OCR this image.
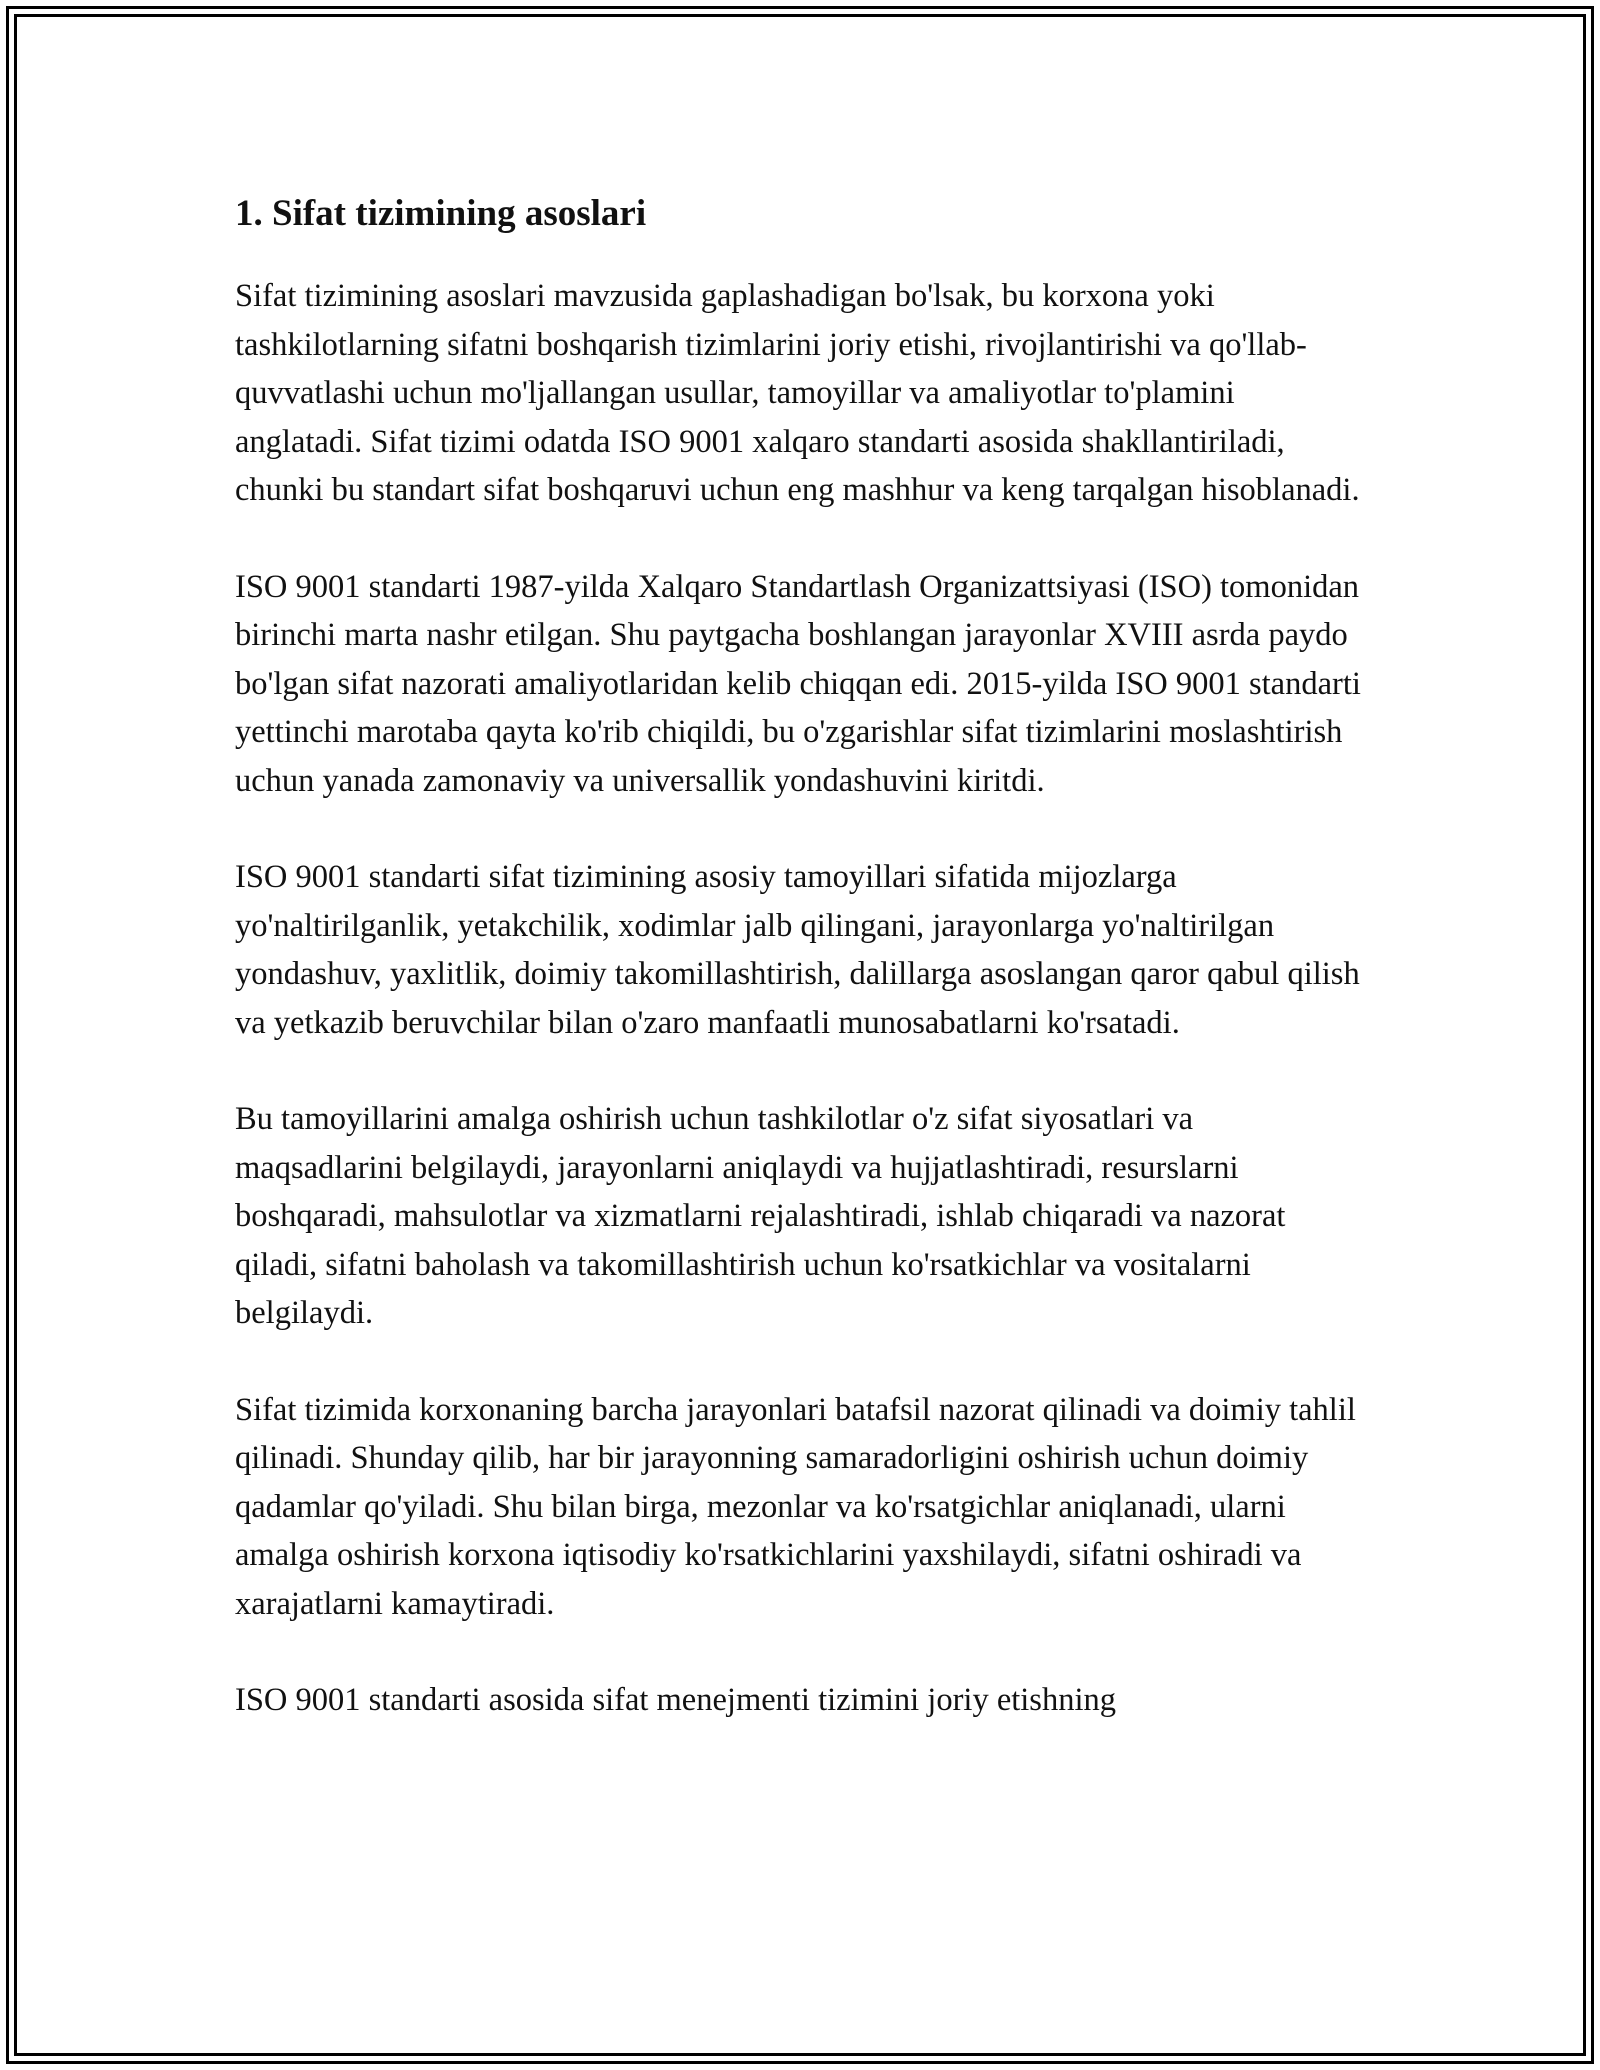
1. Sifat tizimining asoslari

Sifat tizimining asoslari mavzusida gaplashadigan bo'lsak, bu korxona yoki tashkilotlarning sifatni boshqarish tizimlarini joriy etishi, rivojlantirishi va qo'llab-quvvatlashi uchun mo'ljallangan usullar, tamoyillar va amaliyotlar to'plamini anglatadi. Sifat tizimi odatda ISO 9001 xalqaro standarti asosida shakllantiriladi, chunki bu standart sifat boshqaruvi uchun eng mashhur va keng tarqalgan hisoblanadi.

ISO 9001 standarti 1987-yilda Xalqaro Standartlash Organizattsiyasi (ISO) tomonidan birinchi marta nashr etilgan. Shu paytgacha boshlangan jarayonlar XVIII asrda paydo bo'lgan sifat nazorati amaliyotlaridan kelib chiqqan edi. 2015-yilda ISO 9001 standarti yettinchi marotaba qayta ko'rib chiqildi, bu o'zgarishlar sifat tizimlarini moslashtirish uchun yanada zamonaviy va universallik yondashuvini kiritdi.

ISO 9001 standarti sifat tizimining asosiy tamoyillari sifatida mijozlarga yo'naltirilganlik, yetakchilik, xodimlar jalb qilingani, jarayonlarga yo'naltirilgan yondashuv, yaxlitlik, doimiy takomillashtirish, dalillarga asoslangan qaror qabul qilish va yetkazib beruvchilar bilan o'zaro manfaatli munosabatlarni ko'rsatadi.

Bu tamoyillarini amalga oshirish uchun tashkilotlar o'z sifat siyosatlari va maqsadlarini belgilaydi, jarayonlarni aniqlaydi va hujjatlashtiradi, resurslarni boshqaradi, mahsulotlar va xizmatlarni rejalashtiradi, ishlab chiqaradi va nazorat qiladi, sifatni baholash va takomillashtirish uchun ko'rsatkichlar va vositalarni belgilaydi.

Sifat tizimida korxonaning barcha jarayonlari batafsil nazorat qilinadi va doimiy tahlil qilinadi. Shunday qilib, har bir jarayonning samaradorligini oshirish uchun doimiy qadamlar qo'yiladi. Shu bilan birga, mezonlar va ko'rsatgichlar aniqlanadi, ularni amalga oshirish korxona iqtisodiy ko'rsatkichlarini yaxshilaydi, sifatni oshiradi va xarajatlarni kamaytiradi.

ISO 9001 standarti asosida sifat menejmenti tizimini joriy etishning
